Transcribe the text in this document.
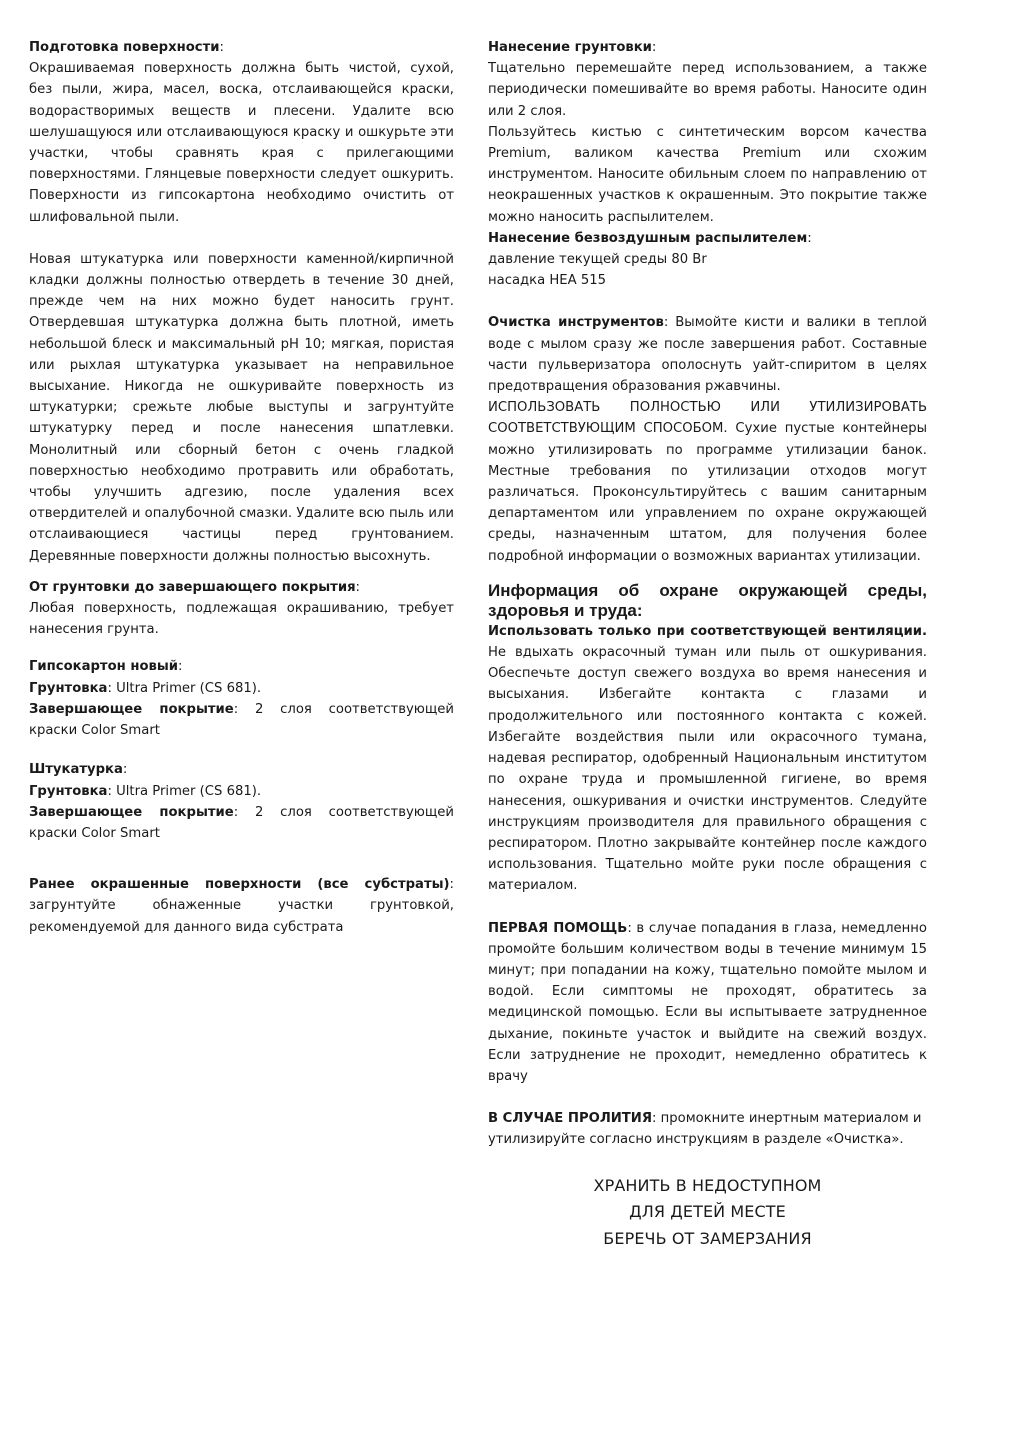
Подготовка поверхности:

Окрашиваемая поверхность должна быть чистой, сухой, без пыли, жира, масел, воска, отслаивающейся краски, водорастворимых веществ и плесени. Удалите всю шелушащуюся или отслаивающуюся краску и ошкурьте эти участки, чтобы сравнять края с прилегающими поверхностями. Глянцевые поверхности следует ошкурить. Поверхности из гипсокартона необходимо очистить от шлифовальной пыли.

Новая штукатурка или поверхности каменной/кирпичной кладки должны полностью отвердеть в течение 30 дней, прежде чем на них можно будет наносить грунт. Отвердевшая штукатурка должна быть плотной, иметь небольшой блеск и максимальный pH 10; мягкая, пористая или рыхлая штукатурка указывает на неправильное высыхание. Никогда не ошкуривайте поверхность из штукатурки; срежьте любые выступы и загрунтуйте штукатурку перед и после нанесения шпатлевки. Монолитный или сборный бетон с очень гладкой поверхностью необходимо протравить или обработать, чтобы улучшить адгезию, после удаления всех отвердителей и опалубочной смазки. Удалите всю пыль или отслаивающиеся частицы перед грунтованием. Деревянные поверхности должны полностью высохнуть.

От грунтовки до завершающего покрытия:

Любая поверхность, подлежащая окрашиванию, требует нанесения грунта.

Гипсокартон новый:

Грунтовка: Ultra Primer (CS 681).

Завершающее покрытие: 2 слоя соответствующей краски Color Smart

Штукатурка:

Грунтовка: Ultra Primer (CS 681).

Завершающее покрытие: 2 слоя соответствующей краски Color Smart

Ранее окрашенные поверхности (все субстраты): загрунтуйте обнаженные участки грунтовкой, рекомендуемой для данного вида субстрата

Нанесение грунтовки:

Тщательно перемешайте перед использованием, а также периодически помешивайте во время работы. Наносите один или 2 слоя.

Пользуйтесь кистью с синтетическим ворсом качества Premium, валиком качества Premium или схожим инструментом. Наносите обильным слоем по направлению от неокрашенных участков к окрашенным. Это покрытие также можно наносить распылителем.

Нанесение безвоздушным распылителем:

давление текущей среды 80 Br

насадка HEA 515

Очистка инструментов: Вымойте кисти и валики в теплой воде с мылом сразу же после завершения работ. Составные части пульверизатора ополоснуть уайт-спиритом в целях предотвращения образования ржавчины.

ИСПОЛЬЗОВАТЬ ПОЛНОСТЬЮ ИЛИ УТИЛИЗИРОВАТЬ СООТВЕТСТВУЮЩИМ СПОСОБОМ. Сухие пустые контейнеры можно утилизировать по программе утилизации банок. Местные требования по утилизации отходов могут различаться. Проконсультируйтесь с вашим санитарным департаментом или управлением по охране окружающей среды, назначенным штатом, для получения более подробной информации о возможных вариантах утилизации.

Информация об охране окружающей среды, здоровья и труда:

Использовать только при соответствующей вентиляции. Не вдыхать окрасочный туман или пыль от ошкуривания. Обеспечьте доступ свежего воздуха во время нанесения и высыхания. Избегайте контакта с глазами и продолжительного или постоянного контакта с кожей. Избегайте воздействия пыли или окрасочного тумана, надевая респиратор, одобренный Национальным институтом по охране труда и промышленной гигиене, во время нанесения, ошкуривания и очистки инструментов. Следуйте инструкциям производителя для правильного обращения с респиратором. Плотно закрывайте контейнер после каждого использования. Тщательно мойте руки после обращения с материалом.

ПЕРВАЯ ПОМОЩЬ: в случае попадания в глаза, немедленно промойте большим количеством воды в течение минимум 15 минут; при попадании на кожу, тщательно помойте мылом и водой. Если симптомы не проходят, обратитесь за медицинской помощью. Если вы испытываете затрудненное дыхание, покиньте участок и выйдите на свежий воздух. Если затруднение не проходит, немедленно обратитесь к врачу

В СЛУЧАЕ ПРОЛИТИЯ: промокните инертным материалом и

утилизируйте согласно инструкциям в разделе «Очистка».

ХРАНИТЬ В НЕДОСТУПНОМ
ДЛЯ ДЕТЕЙ МЕСТЕ
БЕРЕЧЬ ОТ ЗАМЕРЗАНИЯ
